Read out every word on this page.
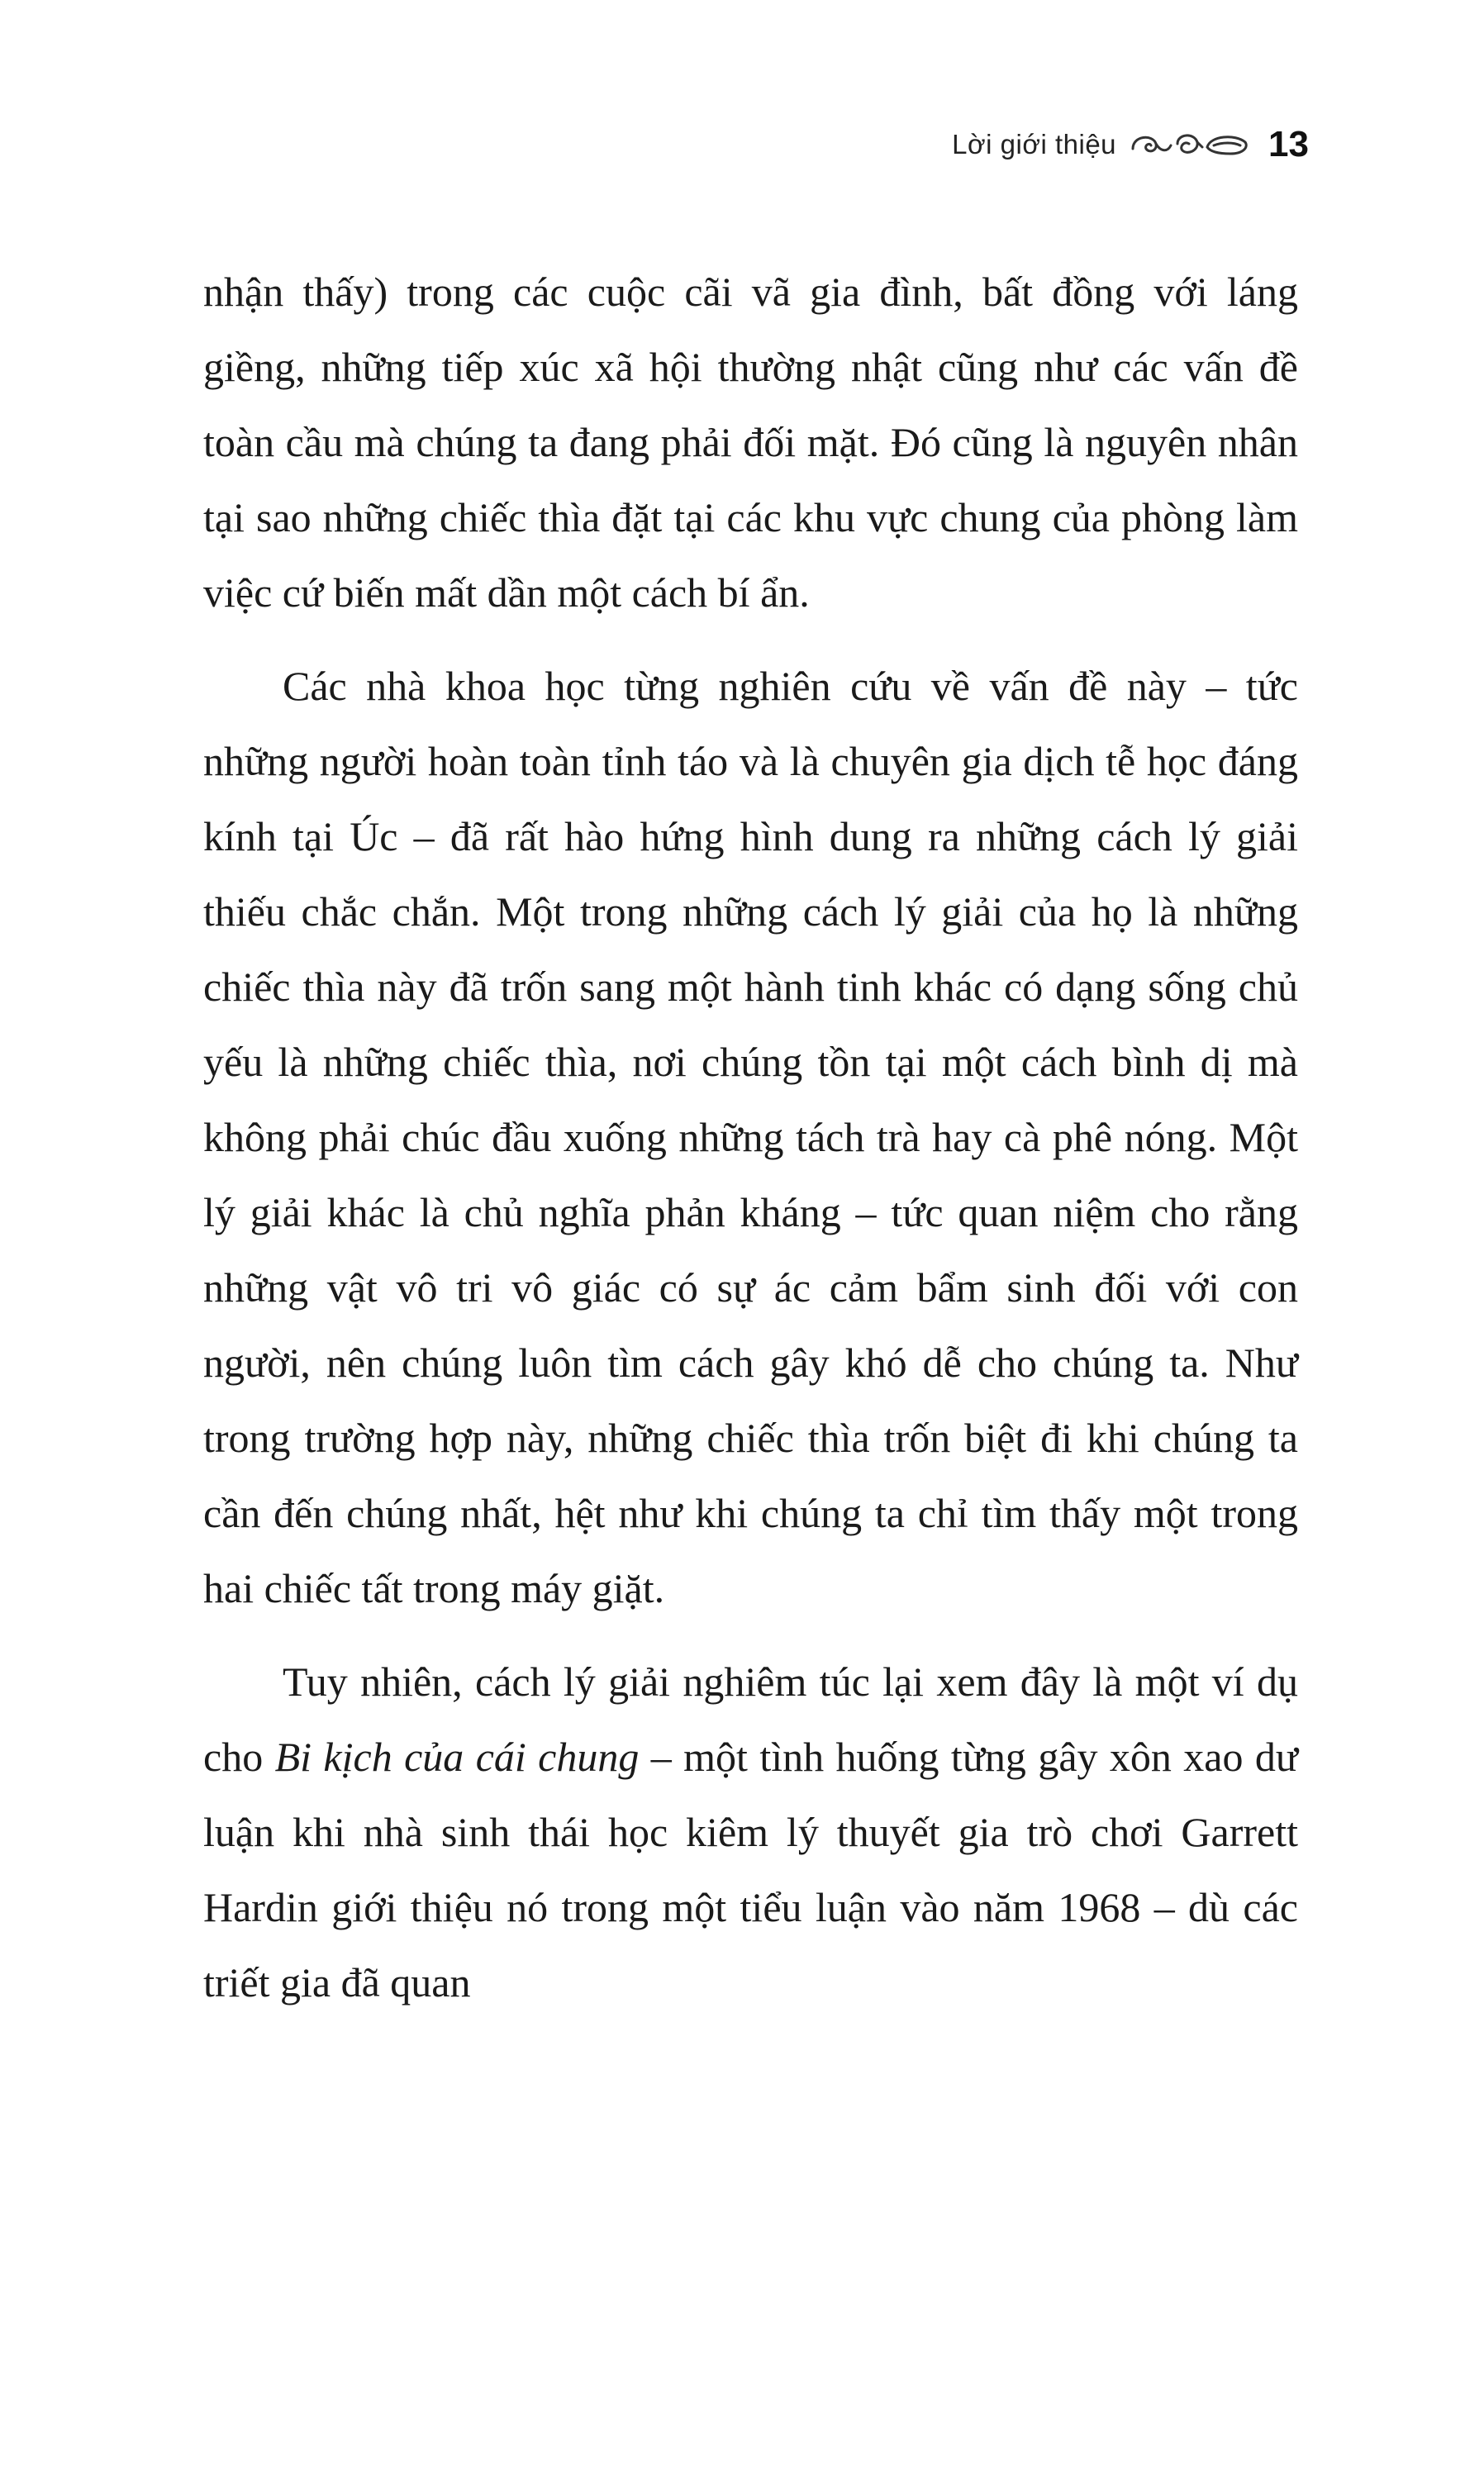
Lời giới thiệu	13

nhận thấy) trong các cuộc cãi vã gia đình, bất đồng với láng giềng, những tiếp xúc xã hội thường nhật cũng như các vấn đề toàn cầu mà chúng ta đang phải đối mặt. Đó cũng là nguyên nhân tại sao những chiếc thìa đặt tại các khu vực chung của phòng làm việc cứ biến mất dần một cách bí ẩn.

Các nhà khoa học từng nghiên cứu về vấn đề này – tức những người hoàn toàn tỉnh táo và là chuyên gia dịch tễ học đáng kính tại Úc – đã rất hào hứng hình dung ra những cách lý giải thiếu chắc chắn. Một trong những cách lý giải của họ là những chiếc thìa này đã trốn sang một hành tinh khác có dạng sống chủ yếu là những chiếc thìa, nơi chúng tồn tại một cách bình dị mà không phải chúc đầu xuống những tách trà hay cà phê nóng. Một lý giải khác là chủ nghĩa phản kháng – tức quan niệm cho rằng những vật vô tri vô giác có sự ác cảm bẩm sinh đối với con người, nên chúng luôn tìm cách gây khó dễ cho chúng ta. Như trong trường hợp này, những chiếc thìa trốn biệt đi khi chúng ta cần đến chúng nhất, hệt như khi chúng ta chỉ tìm thấy một trong hai chiếc tất trong máy giặt.

Tuy nhiên, cách lý giải nghiêm túc lại xem đây là một ví dụ cho Bi kịch của cái chung – một tình huống từng gây xôn xao dư luận khi nhà sinh thái học kiêm lý thuyết gia trò chơi Garrett Hardin giới thiệu nó trong một tiểu luận vào năm 1968 – dù các triết gia đã quan
